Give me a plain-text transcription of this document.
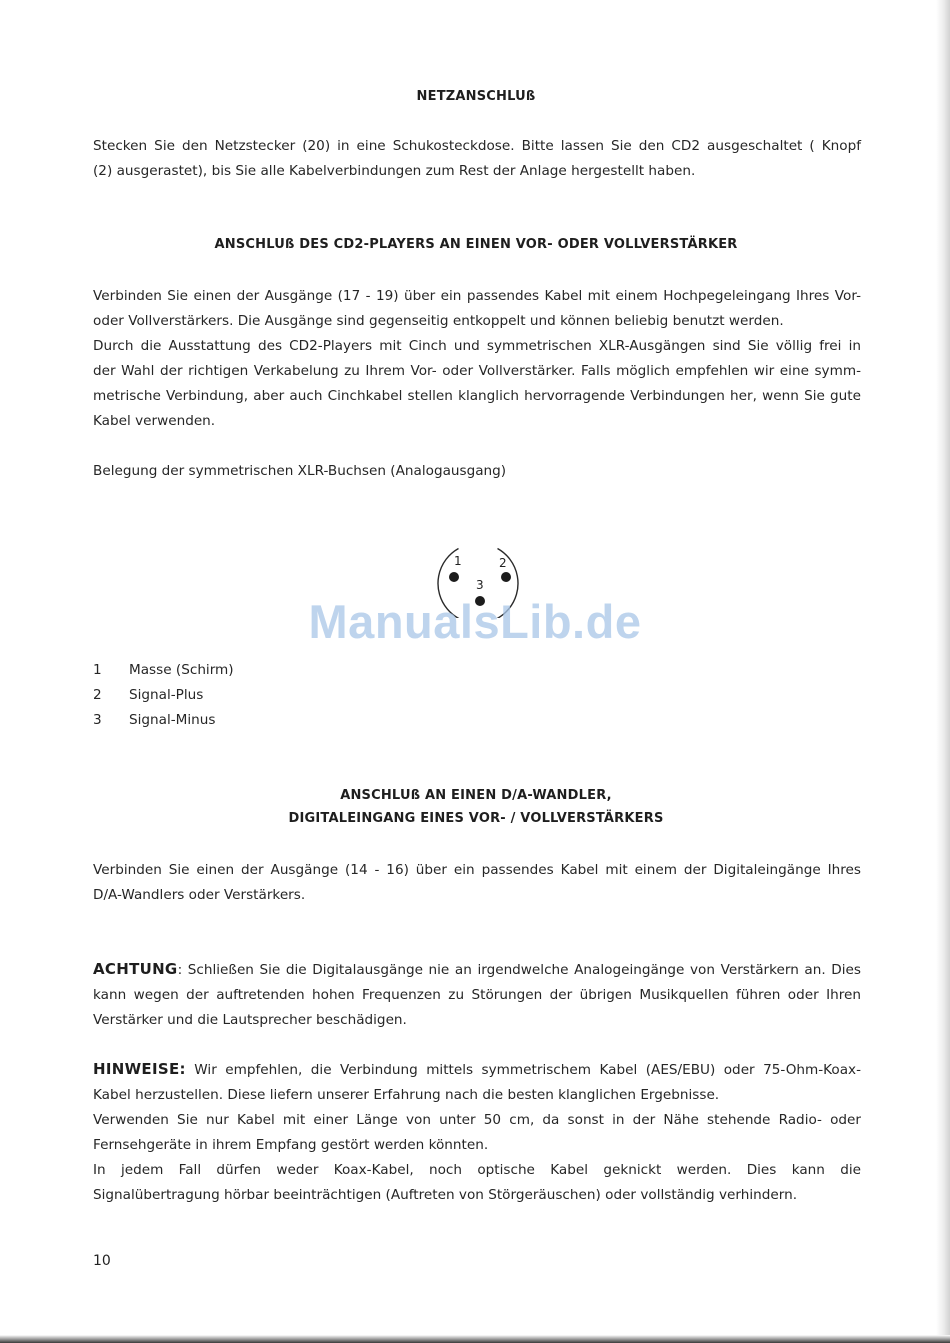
NETZANSCHLUß
Stecken Sie den Netzstecker (20) in eine Schukosteckdose. Bitte lassen Sie den CD2 ausgeschaltet ( Knopf
(2) ausgerastet), bis Sie alle Kabelverbindungen zum Rest der Anlage hergestellt haben.
ANSCHLUß DES CD2-PLAYERS AN EINEN VOR- ODER VOLLVERSTÄRKER
Verbinden Sie einen der Ausgänge (17 - 19) über ein passendes Kabel mit einem Hochpegeleingang Ihres Vor-
oder Vollverstärkers. Die Ausgänge sind gegenseitig entkoppelt und können beliebig benutzt werden.
Durch die Ausstattung des CD2-Players mit Cinch und symmetrischen XLR-Ausgängen sind Sie völlig frei in
der Wahl der richtigen Verkabelung zu Ihrem Vor- oder Vollverstärker. Falls möglich empfehlen wir eine symm-
metrische Verbindung, aber auch Cinchkabel stellen klanglich hervorragende Verbindungen her, wenn Sie gute
Kabel verwenden.
Belegung der symmetrischen XLR-Buchsen (Analogausgang)
1	2
3
ManualsLib.de
1 Masse (Schirm)
2 Signal-Plus
3 Signal-Minus
ANSCHLUß AN EINEN D/A-WANDLER,
DIGITALEINGANG EINES VOR- / VOLLVERSTÄRKERS
Verbinden Sie einen der Ausgänge (14 - 16) über ein passendes Kabel mit einem der Digitaleingänge Ihres
D/A-Wandlers oder Verstärkers.
ACHTUNG: Schließen Sie die Digitalausgänge nie an irgendwelche Analogeingänge von Verstärkern an. Dies
kann wegen der auftretenden hohen Frequenzen zu Störungen der übrigen Musikquellen führen oder Ihren
Verstärker und die Lautsprecher beschädigen.
HINWEISE: Wir empfehlen, die Verbindung mittels symmetrischem Kabel (AES/EBU) oder 75-Ohm-Koax-
Kabel herzustellen. Diese liefern unserer Erfahrung nach die besten klanglichen Ergebnisse.
Verwenden Sie nur Kabel mit einer Länge von unter 50 cm, da sonst in der Nähe stehende Radio- oder
Fernsehgeräte in ihrem Empfang gestört werden könnten.
In jedem Fall dürfen weder Koax-Kabel, noch optische Kabel geknickt werden. Dies kann die
Signalübertragung hörbar beeinträchtigen (Auftreten von Störgeräuschen) oder vollständig verhindern.
10
